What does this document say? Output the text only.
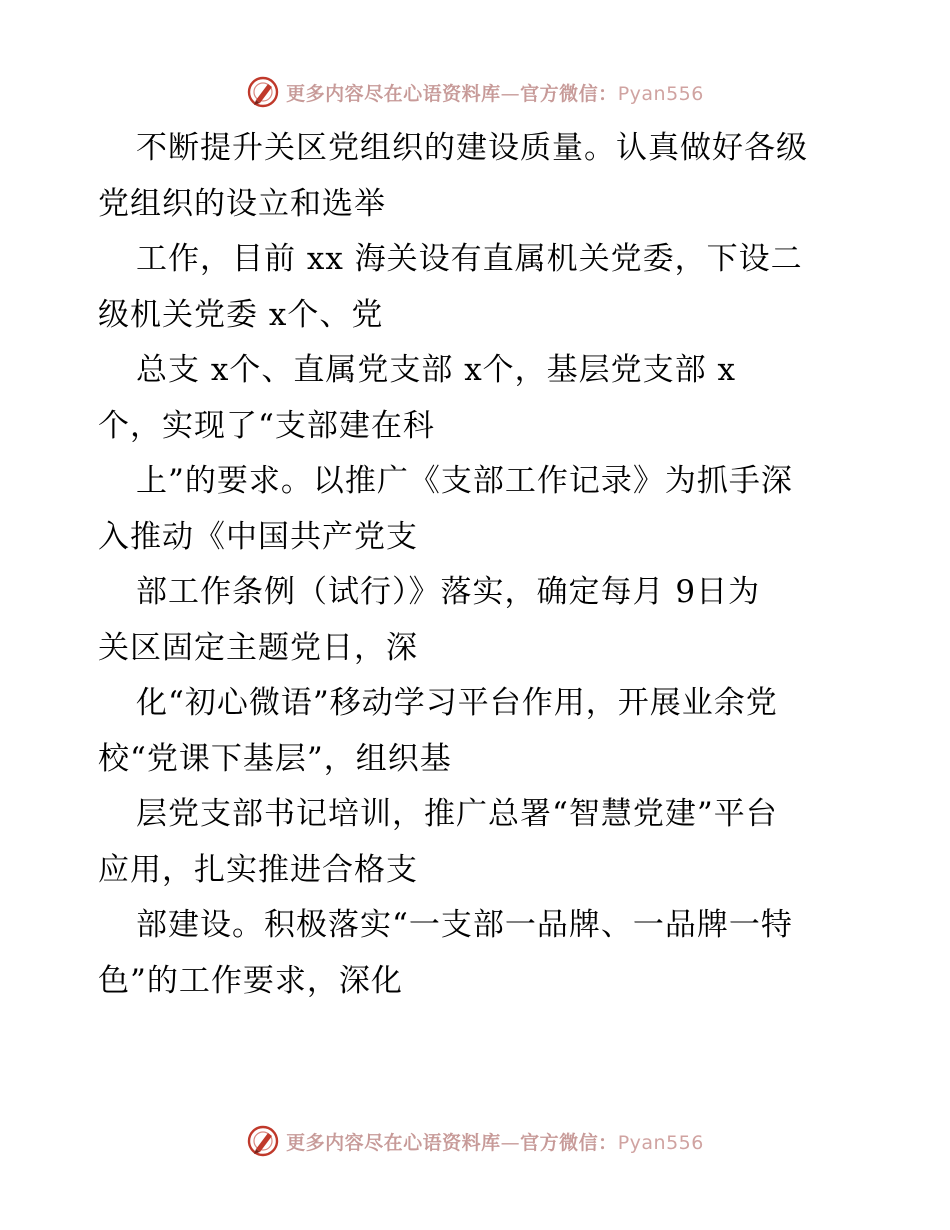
更多内容尽在心语资料库—官方微信：Pyan556
不断提升关区党组织的建设质量。认真做好各级
党组织的设立和选举
工作，目前 xx 海关设有直属机关党委，下设二
级机关党委 x个、党
总支 x个、直属党支部 x个，基层党支部 x
个，实现了“支部建在科
上”的要求。以推广《支部工作记录》为抓手深
入推动《中国共产党支
部工作条例（试行）》落实，确定每月 9日为
关区固定主题党日，深
化“初心微语”移动学习平台作用，开展业余党
校“党课下基层”，组织基
层党支部书记培训，推广总署“智慧党建”平台
应用，扎实推进合格支
部建设。积极落实“一支部一品牌、一品牌一特
色”的工作要求，深化
更多内容尽在心语资料库—官方微信：Pyan556
